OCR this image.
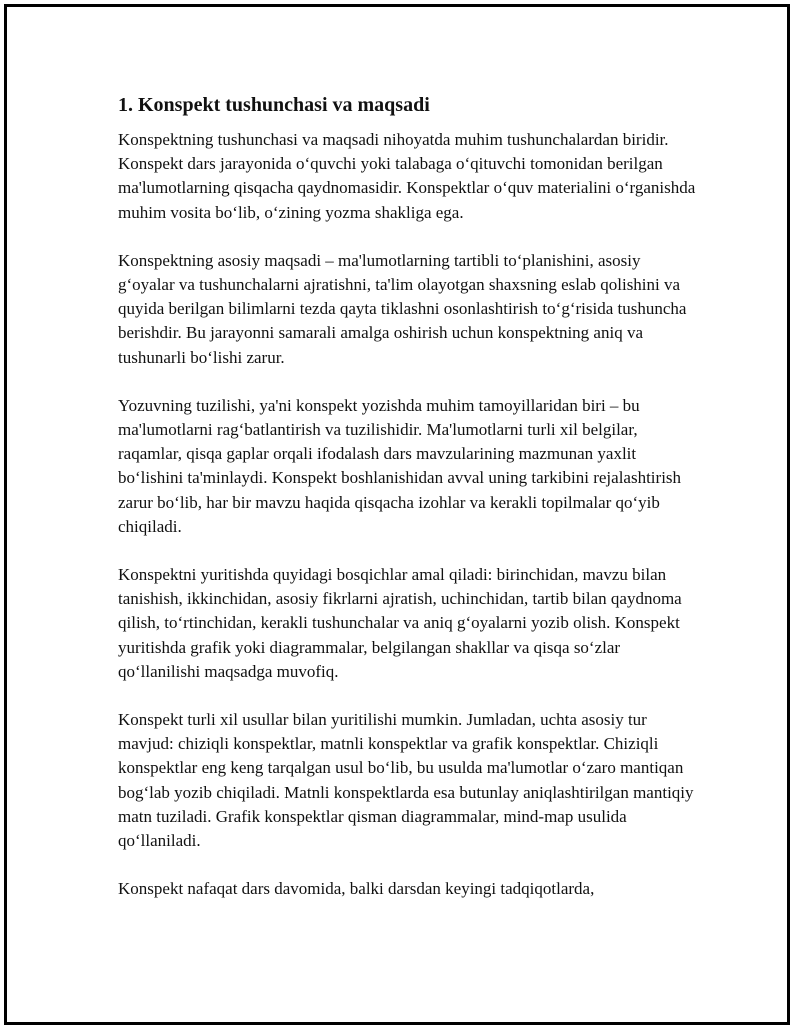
1. Konspekt tushunchasi va maqsadi

Konspektning tushunchasi va maqsadi nihoyatda muhim tushunchalardan biridir. Konspekt dars jarayonida o‘quvchi yoki talabaga o‘qituvchi tomonidan berilgan ma'lumotlarning qisqacha qaydnomasidir. Konspektlar o‘quv materialini o‘rganishda muhim vosita bo‘lib, o‘zining yozma shakliga ega.

Konspektning asosiy maqsadi – ma'lumotlarning tartibli to‘planishini, asosiy g‘oyalar va tushunchalarni ajratishni, ta'lim olayotgan shaxsning eslab qolishini va quyida berilgan bilimlarni tezda qayta tiklashni osonlashtirish to‘g‘risida tushuncha berishdir. Bu jarayonni samarali amalga oshirish uchun konspektning aniq va tushunarli bo‘lishi zarur.

Yozuvning tuzilishi, ya'ni konspekt yozishda muhim tamoyillaridan biri – bu ma'lumotlarni rag‘batlantirish va tuzilishidir. Ma'lumotlarni turli xil belgilar, raqamlar, qisqa gaplar orqali ifodalash dars mavzularining mazmunan yaxlit bo‘lishini ta'minlaydi. Konspekt boshlanishidan avval uning tarkibini rejalashtirish zarur bo‘lib, har bir mavzu haqida qisqacha izohlar va kerakli topilmalar qo‘yib chiqiladi.

Konspektni yuritishda quyidagi bosqichlar amal qiladi: birinchidan, mavzu bilan tanishish, ikkinchidan, asosiy fikrlarni ajratish, uchinchidan, tartib bilan qaydnoma qilish, to‘rtinchidan, kerakli tushunchalar va aniq g‘oyalarni yozib olish. Konspekt yuritishda grafik yoki diagrammalar, belgilangan shakllar va qisqa so‘zlar qo‘llanilishi maqsadga muvofiq.

Konspekt turli xil usullar bilan yuritilishi mumkin. Jumladan, uchta asosiy tur mavjud: chiziqli konspektlar, matnli konspektlar va grafik konspektlar. Chiziqli konspektlar eng keng tarqalgan usul bo‘lib, bu usulda ma'lumotlar o‘zaro mantiqan bog‘lab yozib chiqiladi. Matnli konspektlarda esa butunlay aniqlashtirilgan mantiqiy matn tuziladi. Grafik konspektlar qisman diagrammalar, mind-map usulida qo‘llaniladi.

Konspekt nafaqat dars davomida, balki darsdan keyingi tadqiqotlarda,
